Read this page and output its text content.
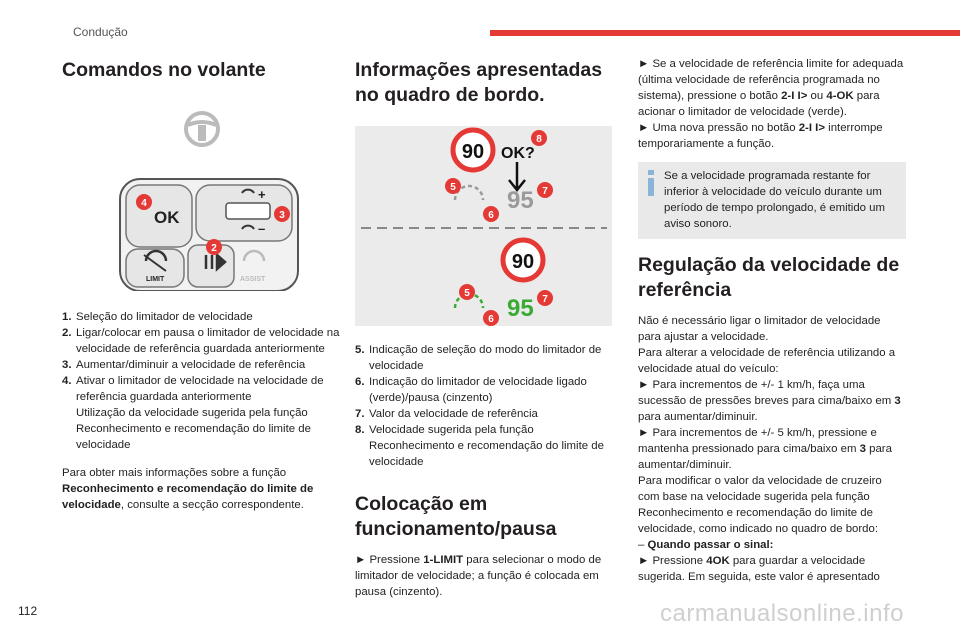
Condução
Comandos no volante
OK
+
–
LIMIT	ASSIST
4
3
2
1. Seleção do limitador de velocidade
2. Ligar/colocar em pausa o limitador de velocidade na velocidade de referência guardada anteriormente
3. Aumentar/diminuir a velocidade de referência
4. Ativar o limitador de velocidade na velocidade de referência guardada anteriormente
Utilização da velocidade sugerida pela função Reconhecimento e recomendação do limite de velocidade

Para obter mais informações sobre a função Reconhecimento e recomendação do limite de velocidade, consulte a secção correspondente.

Informações apresentadas no quadro de bordo.
90 OK?
95
8
5	7
6
90
95
5
7
6
5. Indicação de seleção do modo do limitador de velocidade
6. Indicação do limitador de velocidade ligado (verde)/pausa (cinzento)
7. Valor da velocidade de referência
8. Velocidade sugerida pela função Reconhecimento e recomendação do limite de velocidade
Colocação em funcionamento/pausa

► Pressione 1-LIMIT para selecionar o modo de limitador de velocidade; a função é colocada em pausa (cinzento).

► Se a velocidade de referência limite for adequada (última velocidade de referência programada no sistema), pressione o botão 2-I I> ou 4-OK para acionar o limitador de velocidade (verde).

► Uma nova pressão no botão 2-I I> interrompe temporariamente a função.

Se a velocidade programada restante for inferior à velocidade do veículo durante um período de tempo prolongado, é emitido um aviso sonoro.
Regulação da velocidade de referência

Não é necessário ligar o limitador de velocidade para ajustar a velocidade.

Para alterar a velocidade de referência utilizando a velocidade atual do veículo:

► Para incrementos de +/- 1 km/h, faça uma sucessão de pressões breves para cima/baixo em 3 para aumentar/diminuir.

► Para incrementos de +/- 5 km/h, pressione e mantenha pressionado para cima/baixo em 3 para aumentar/diminuir.

Para modificar o valor da velocidade de cruzeiro com base na velocidade sugerida pela função Reconhecimento e recomendação do limite de velocidade, como indicado no quadro de bordo:

– Quando passar o sinal:

► Pressione 4OK para guardar a velocidade sugerida. Em seguida, este valor é apresentado

112	carmanualsonline.info
